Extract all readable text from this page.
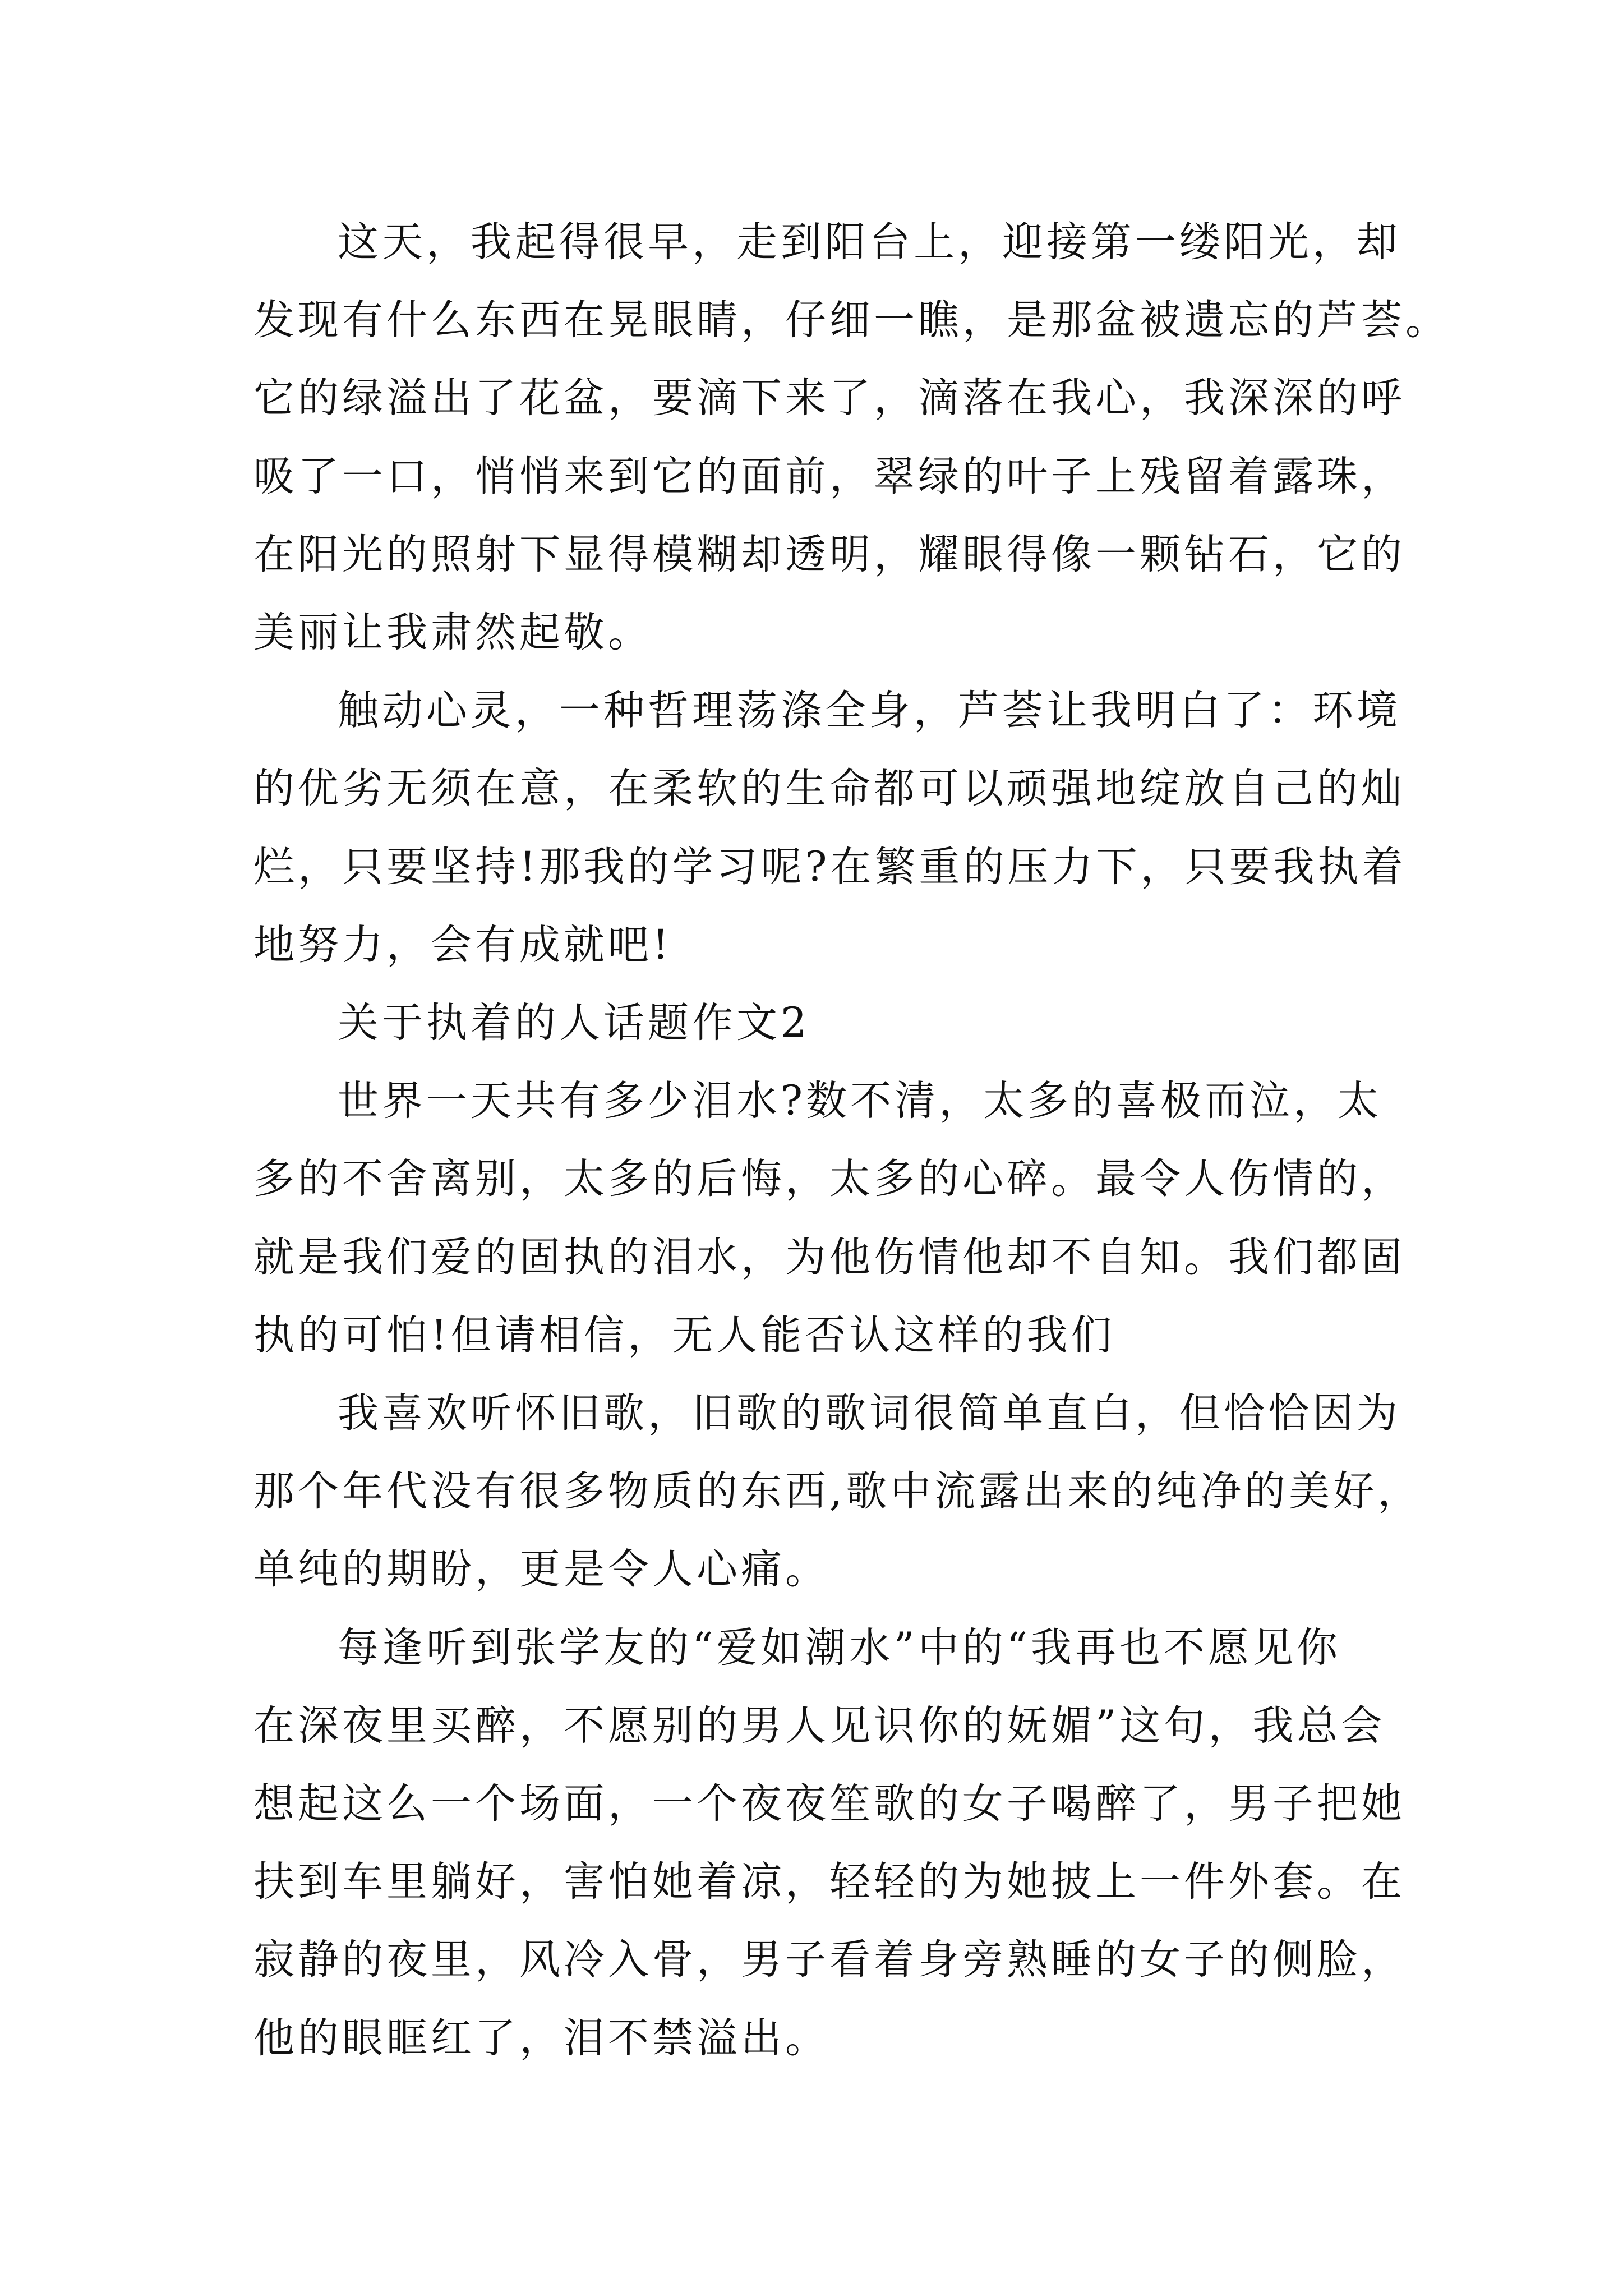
这天，我起得很早，走到阳台上，迎接第一缕阳光，却
发现有什么东西在晃眼睛，仔细一瞧，是那盆被遗忘的芦荟。
它的绿溢出了花盆，要滴下来了，滴落在我心，我深深的呼
吸了一口，悄悄来到它的面前，翠绿的叶子上残留着露珠，
在阳光的照射下显得模糊却透明，耀眼得像一颗钻石，它的
美丽让我肃然起敬。
触动心灵，一种哲理荡涤全身，芦荟让我明白了：环境
的优劣无须在意，在柔软的生命都可以顽强地绽放自己的灿
烂，只要坚持!那我的学习呢?在繁重的压力下，只要我执着
地努力，会有成就吧!
关于执着的人话题作文2
世界一天共有多少泪水?数不清，太多的喜极而泣，太
多的不舍离别，太多的后悔，太多的心碎。最令人伤情的，
就是我们爱的固执的泪水，为他伤情他却不自知。我们都固
执的可怕!但请相信，无人能否认这样的我们
我喜欢听怀旧歌，旧歌的歌词很简单直白，但恰恰因为
那个年代没有很多物质的东西,歌中流露出来的纯净的美好，
单纯的期盼，更是令人心痛。
每逢听到张学友的“爱如潮水”中的“我再也不愿见你
在深夜里买醉，不愿别的男人见识你的妩媚”这句，我总会
想起这么一个场面，一个夜夜笙歌的女子喝醉了，男子把她
扶到车里躺好，害怕她着凉，轻轻的为她披上一件外套。在
寂静的夜里，风冷入骨，男子看着身旁熟睡的女子的侧脸，
他的眼眶红了，泪不禁溢出。
